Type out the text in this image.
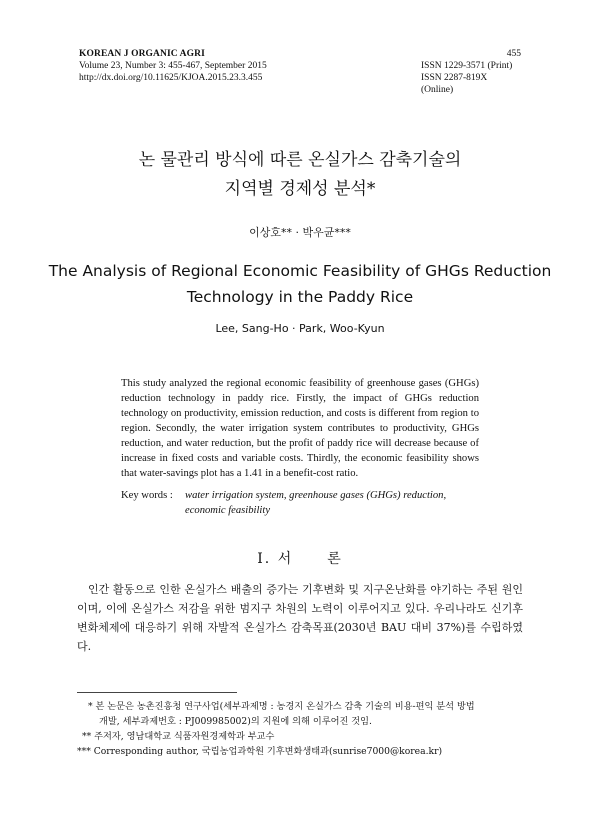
KOREAN J ORGANIC AGRI	455
Volume 23, Number 3: 455-467, September 2015	ISSN 1229-3571 (Print)
http://dx.doi.org/10.11625/KJOA.2015.23.3.455	ISSN 2287-819X (Online)
논 물관리 방식에 따른 온실가스 감축기술의
지역별 경제성 분석*
이상호** · 박우균***
The Analysis of Regional Economic Feasibility of GHGs Reduction
Technology in the Paddy Rice
Lee, Sang-Ho · Park, Woo-Kyun
This study analyzed the regional economic feasibility of greenhouse gases (GHGs) reduction technology in paddy rice. Firstly, the impact of GHGs reduction technology on productivity, emission reduction, and costs is different from region to region. Secondly, the water irrigation system contributes to productivity, GHGs reduction, and water reduction, but the profit of paddy rice will decrease because of increase in fixed costs and variable costs. Thirdly, the economic feasibility shows that water-savings plot has a 1.41 in a benefit-cost ratio.
Key words :	water irrigation system, greenhouse gases (GHGs) reduction,
economic feasibility
Ⅰ. 서 론
인간 활동으로 인한 온실가스 배출의 증가는 기후변화 및 지구온난화를 야기하는 주된 원인이며, 이에 온실가스 저감을 위한 범지구 차원의 노력이 이루어지고 있다. 우리나라도 신기후변화체제에 대응하기 위해 자발적 온실가스 감축목표(2030년 BAU 대비 37%)를 수립하였다.
* 본 논문은 농촌진흥청 연구사업(세부과제명 : 농경지 온실가스 감축 기술의 비용-편익 분석 방법
개발, 세부과제번호 : PJ009985002)의 지원에 의해 이루어진 것임.
** 주저자, 영남대학교 식품자원경제학과 부교수
*** Corresponding author, 국립농업과학원 기후변화생태과(sunrise7000@korea.kr)
